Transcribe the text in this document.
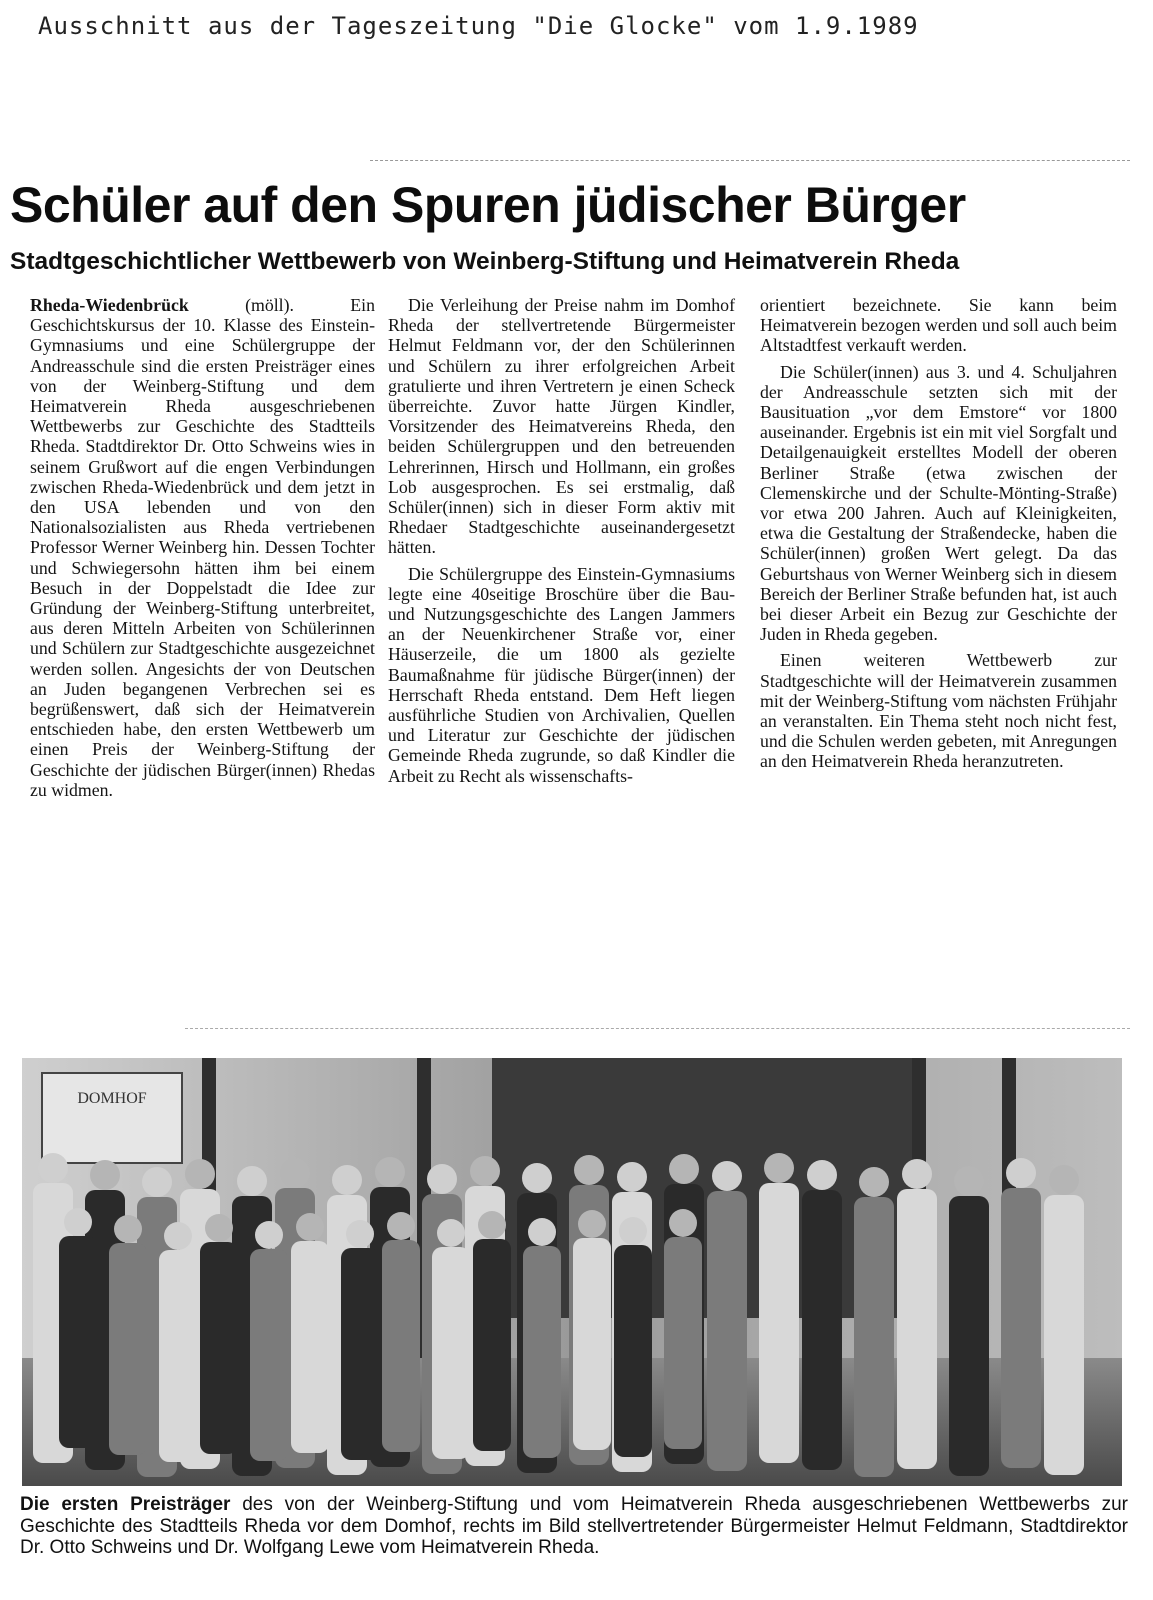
Ausschnitt aus der Tageszeitung "Die Glocke" vom 1.9.1989
Schüler auf den Spuren jüdischer Bürger
Stadtgeschichtlicher Wettbewerb von Weinberg-Stiftung und Heimatverein Rheda

Rheda-Wiedenbrück	(möll). Ein Geschichtskursus der 10. Klasse des Einstein-Gymnasiums und eine Schülergruppe der Andreasschule sind die ersten Preisträger eines von der Weinberg-Stiftung und dem Heimatverein Rheda ausgeschriebenen Wettbewerbs zur Geschichte des Stadtteils Rheda. Stadtdirektor Dr. Otto Schweins wies in seinem Grußwort auf die engen Verbindungen zwischen Rheda-Wiedenbrück und dem jetzt in den USA lebenden und von den Nationalsozialisten aus Rheda vertriebenen Professor Werner Weinberg hin. Dessen Tochter und Schwiegersohn hätten ihm bei einem Besuch in der Doppelstadt die Idee zur Gründung der Weinberg-Stiftung unterbreitet, aus deren Mitteln Arbeiten von Schülerinnen und Schülern zur Stadtgeschichte ausgezeichnet werden sollen. Angesichts der von Deutschen an Juden begangenen Verbrechen sei es begrüßenswert, daß sich der Heimatverein entschieden habe, den ersten Wettbewerb um einen Preis der Weinberg-Stiftung der Geschichte der jüdischen Bürger(innen) Rhedas zu widmen.

Die Verleihung der Preise nahm im Domhof Rheda der stellvertretende Bürgermeister Helmut Feldmann vor, der den Schülerinnen und Schülern zu ihrer erfolgreichen Arbeit gratulierte und ihren Vertretern je einen Scheck überreichte. Zuvor hatte Jürgen Kindler, Vorsitzender des Heimatvereins Rheda, den beiden Schülergruppen und den betreuenden Lehrerinnen, Hirsch und Hollmann, ein großes Lob ausgesprochen. Es sei erstmalig, daß Schüler(innen) sich in dieser Form aktiv mit Rhedaer Stadtgeschichte auseinandergesetzt hätten.

Die Schülergruppe des Einstein-Gymnasiums legte eine 40seitige Broschüre über die Bau- und Nutzungsgeschichte des Langen Jammers an der Neuenkirchener Straße vor, einer Häuserzeile, die um 1800 als gezielte Baumaßnahme für jüdische Bürger(innen) der Herrschaft Rheda entstand. Dem Heft liegen ausführliche Studien von Archivalien, Quellen und Literatur zur Geschichte der jüdischen Gemeinde Rheda zugrunde, so daß Kindler die Arbeit zu Recht als wissenschafts-

orientiert bezeichnete. Sie kann beim Heimatverein bezogen werden und soll auch beim Altstadtfest verkauft werden.

Die Schüler(innen) aus 3. und 4. Schuljahren der Andreasschule setzten sich mit der Bausituation „vor dem Emstore“ vor 1800 auseinander. Ergebnis ist ein mit viel Sorgfalt und Detailgenauigkeit erstelltes Modell der oberen Berliner Straße (etwa zwischen der Clemenskirche und der Schulte-Mönting-Straße) vor etwa 200 Jahren. Auch auf Kleinigkeiten, etwa die Gestaltung der Straßendecke, haben die Schüler(innen) großen Wert gelegt. Da das Geburtshaus von Werner Weinberg sich in diesem Bereich der Berliner Straße befunden hat, ist auch bei dieser Arbeit ein Bezug zur Geschichte der Juden in Rheda gegeben.

Einen weiteren Wettbewerb zur Stadtgeschichte will der Heimatverein zusammen mit der Weinberg-Stiftung vom nächsten Frühjahr an veranstalten. Ein Thema steht noch nicht fest, und die Schulen werden gebeten, mit Anregungen an den Heimatverein Rheda heranzutreten.

DOMHOF
Die ersten Preisträger des von der Weinberg-Stiftung und vom Heimatverein Rheda ausgeschriebenen Wettbewerbs zur Geschichte des Stadtteils Rheda vor dem Domhof, rechts im Bild stellvertretender Bürgermeister Helmut Feldmann, Stadtdirektor Dr. Otto Schweins und Dr. Wolfgang Lewe vom Heimatverein Rheda.
